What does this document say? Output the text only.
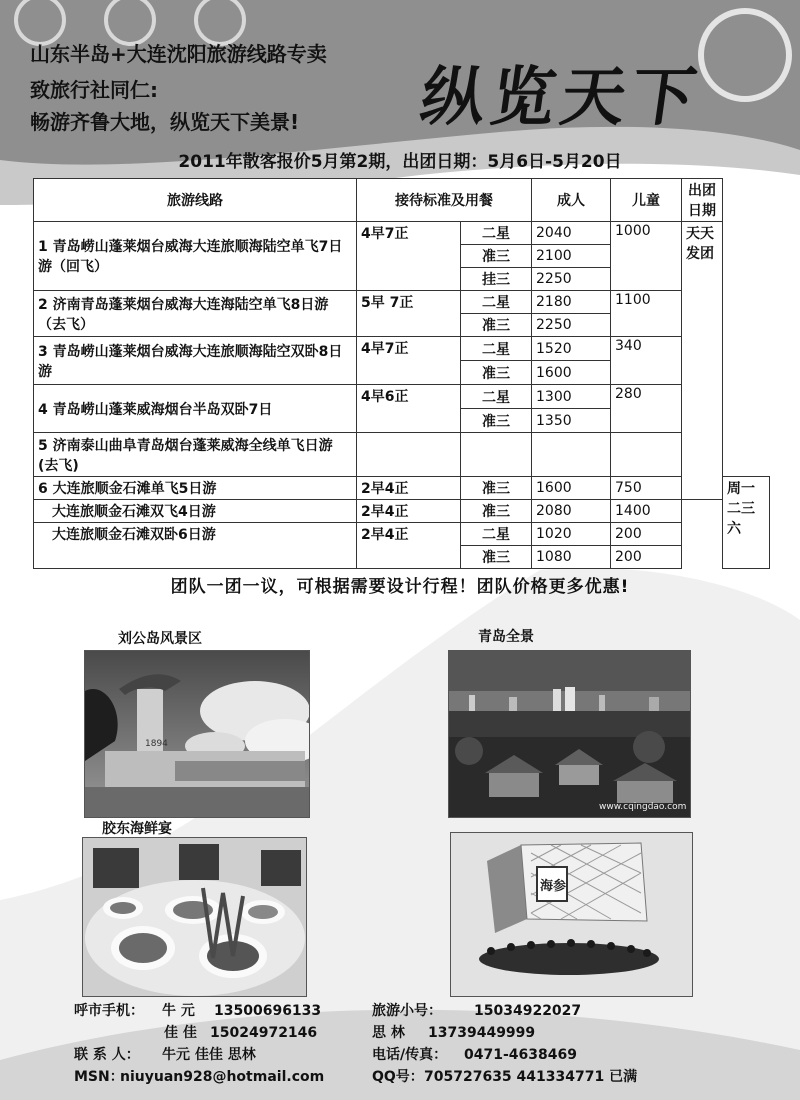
山东半岛+大连沈阳旅游线路专卖
致旅行社同仁:
畅游齐鲁大地，纵览天下美景! 纵览天下
2011年散客报价5月第2期，出团日期：5月6日-5月20日
旅游线路	接待标准及用餐		成人	儿童	出团日期	
1 青岛崂山蓬莱烟台威海大连旅顺海陆空单飞7日游（回飞）	4早7正	二星	2040	1000	天天发团	
		准三	2100			
		挂三	2250			
2 济南青岛蓬莱烟台威海大连海陆空单飞8日游（去飞）	5早 7正	二星	2180	1100		
		准三	2250			
3 青岛崂山蓬莱烟台威海大连旅顺海陆空双卧8日游	4早7正	二星	1520	340		
		准三	1600			
4 青岛崂山蓬莱威海烟台半岛双卧7日	4早6正	二星	1300	280		
		准三	1350			
5 济南泰山曲阜青岛烟台蓬莱威海全线单飞日游(去飞)						
6 大连旅顺金石滩单飞5日游	2早4正	准三	1600	750		周一二三六
大连旅顺金石滩双飞4日游	2早4正	准三	2080	1400		
大连旅顺金石滩双卧6日游	2早4正	二星	1020	200		
		准三	1080	200		
团队一团一议，可根据需要设计行程！团队价格更多优惠!
刘公岛风景区
1894
青岛全景
www.cqingdao.com
胶东海鲜宴
海参
呼市手机： 牛 元 13500696133	旅游小号： 15034922027
佳 佳 15024972146	思 林 13739449999
联 系 人： 牛元 佳佳 思林	电话/传真： 0471-4638469
MSN：
niuyuan928@hotmail.com	QQ号： 705727635 441334771 已满
